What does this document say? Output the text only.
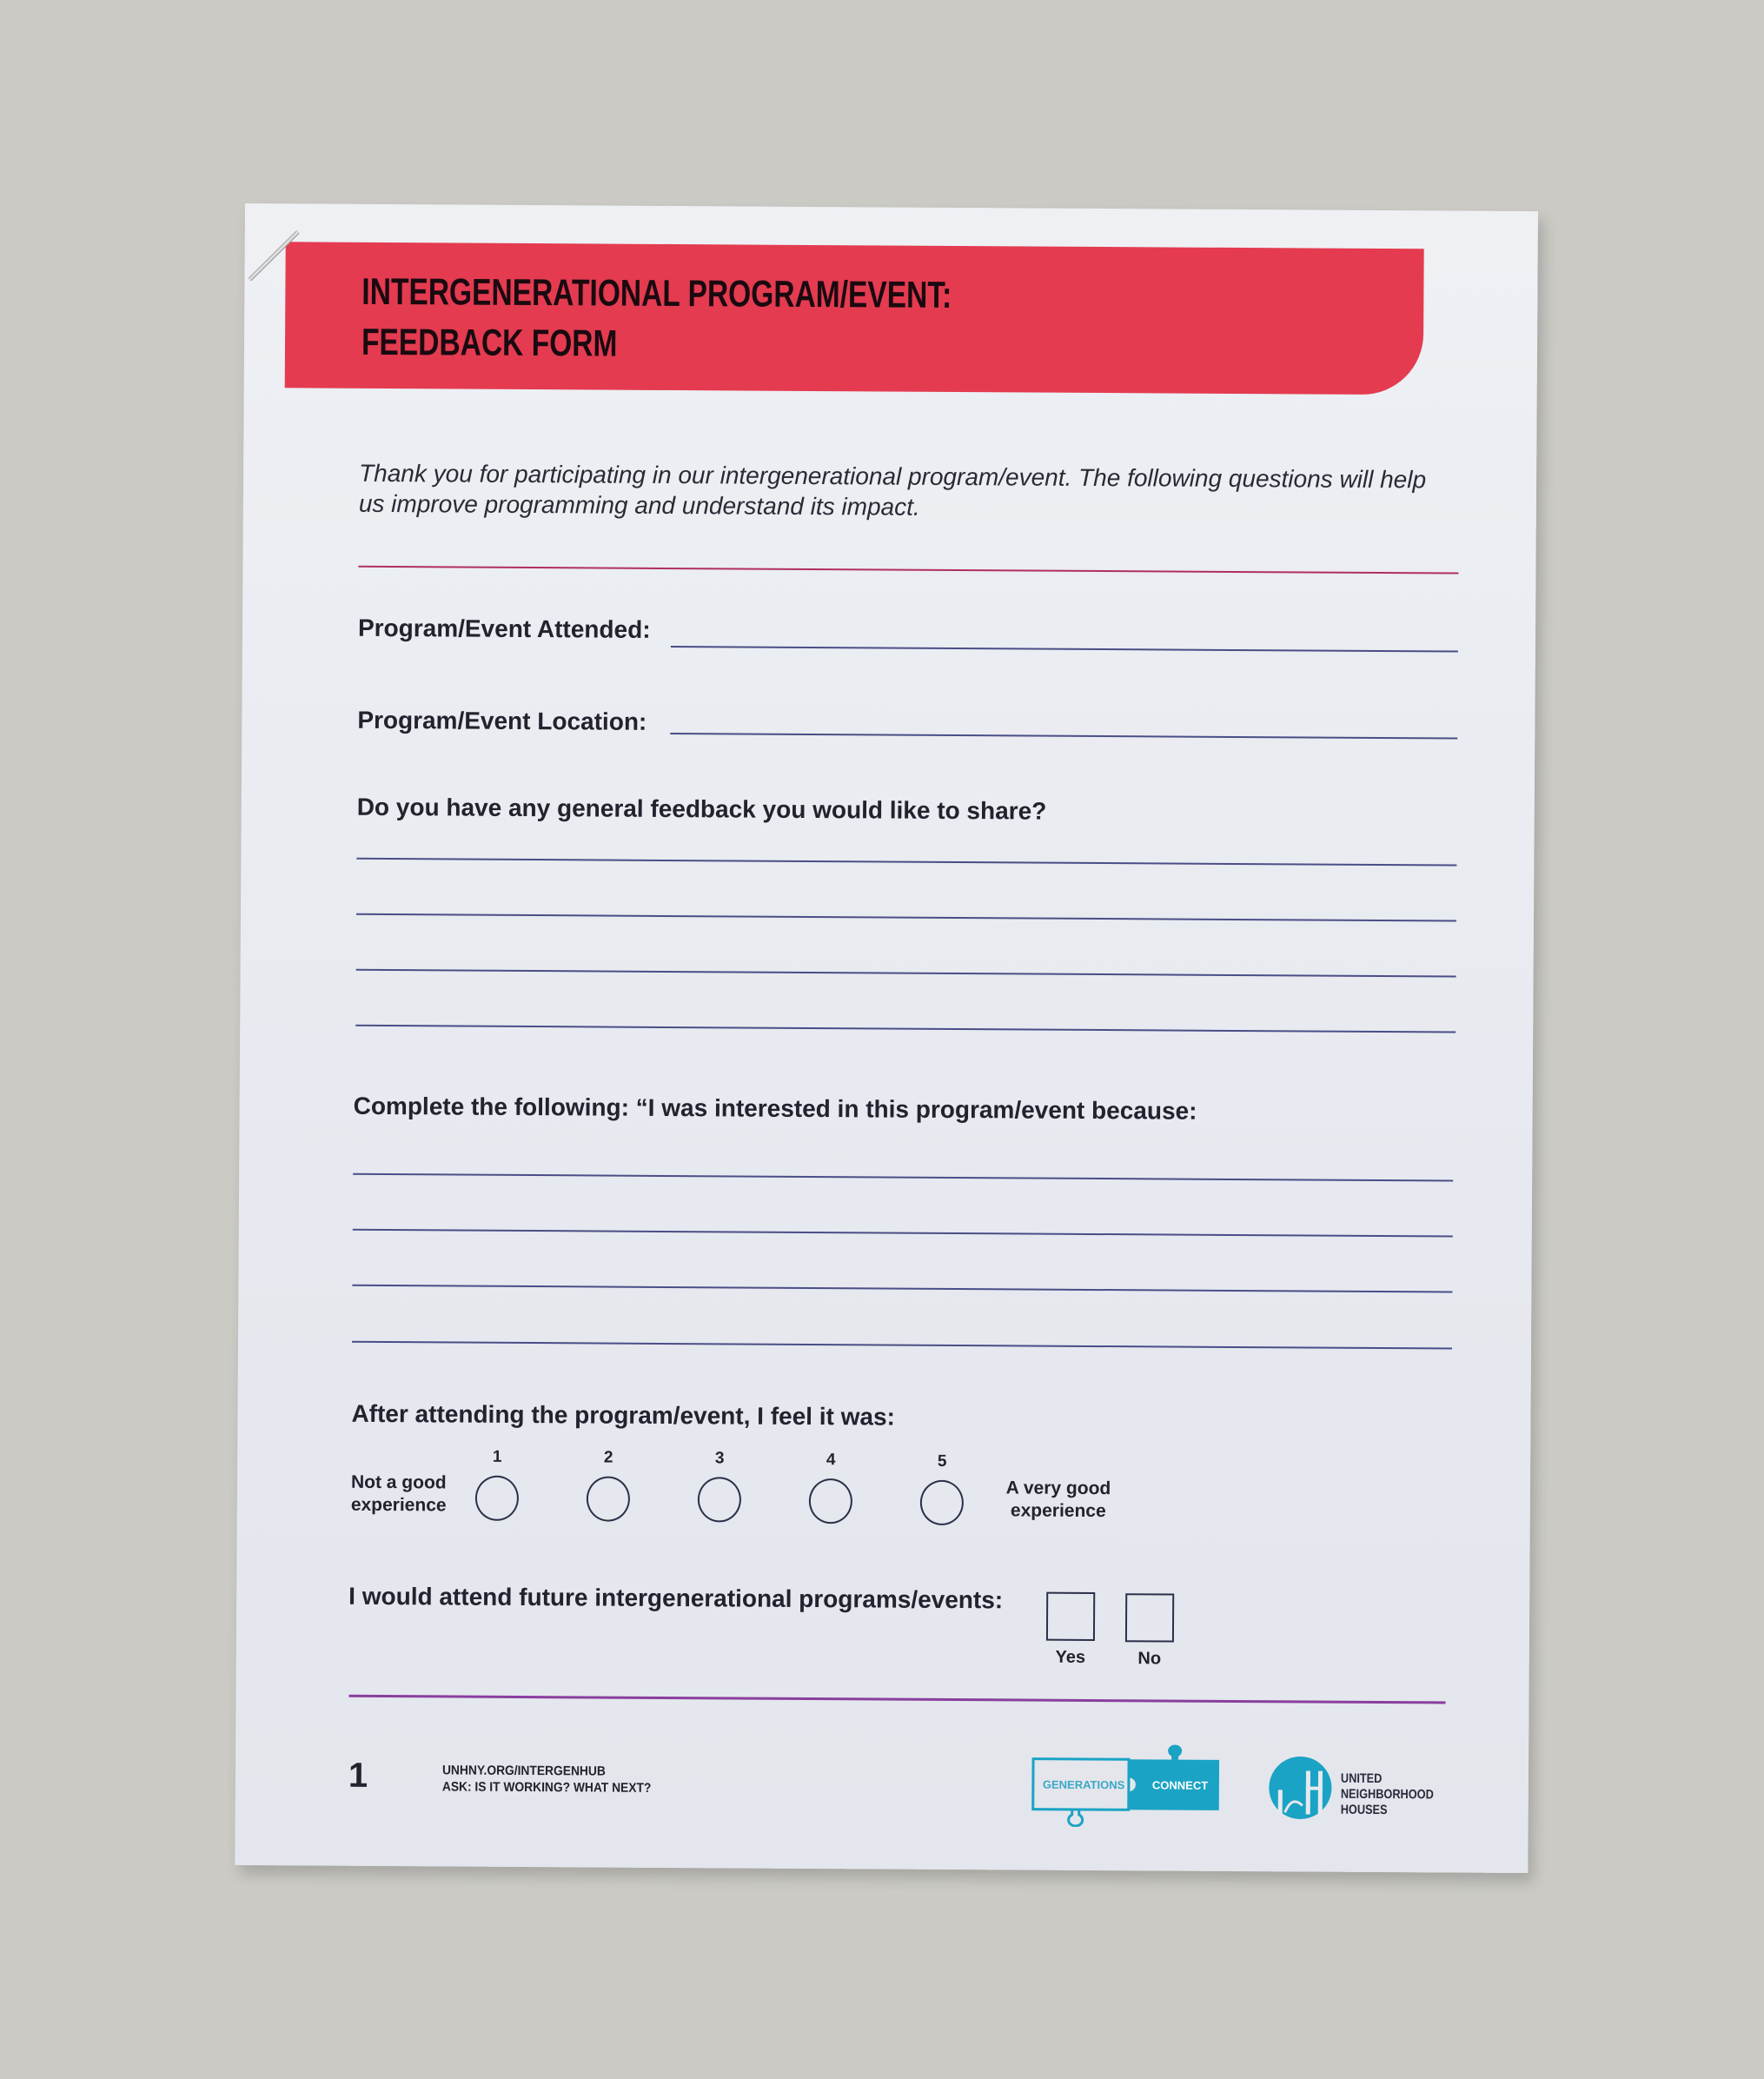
INTERGENERATIONAL PROGRAM/EVENT:
FEEDBACK FORM
Thank you for participating in our intergenerational program/event. The following questions will help us improve programming and understand its impact.
Program/Event Attended:
Program/Event Location:
Do you have any general feedback you would like to share?
Complete the following: “I was interested in this program/event because:
After attending the program/event, I feel it was:
Not a good experience
1	2	3	4	5
A very good experience
I would attend future intergenerational programs/events:
Yes	No
1	UNHNY.ORG/INTERGENHUB
ASK: IS IT WORKING? WHAT NEXT?	GENERATIONS CONNECT	UNITED
NEIGHBORHOOD
HOUSES
